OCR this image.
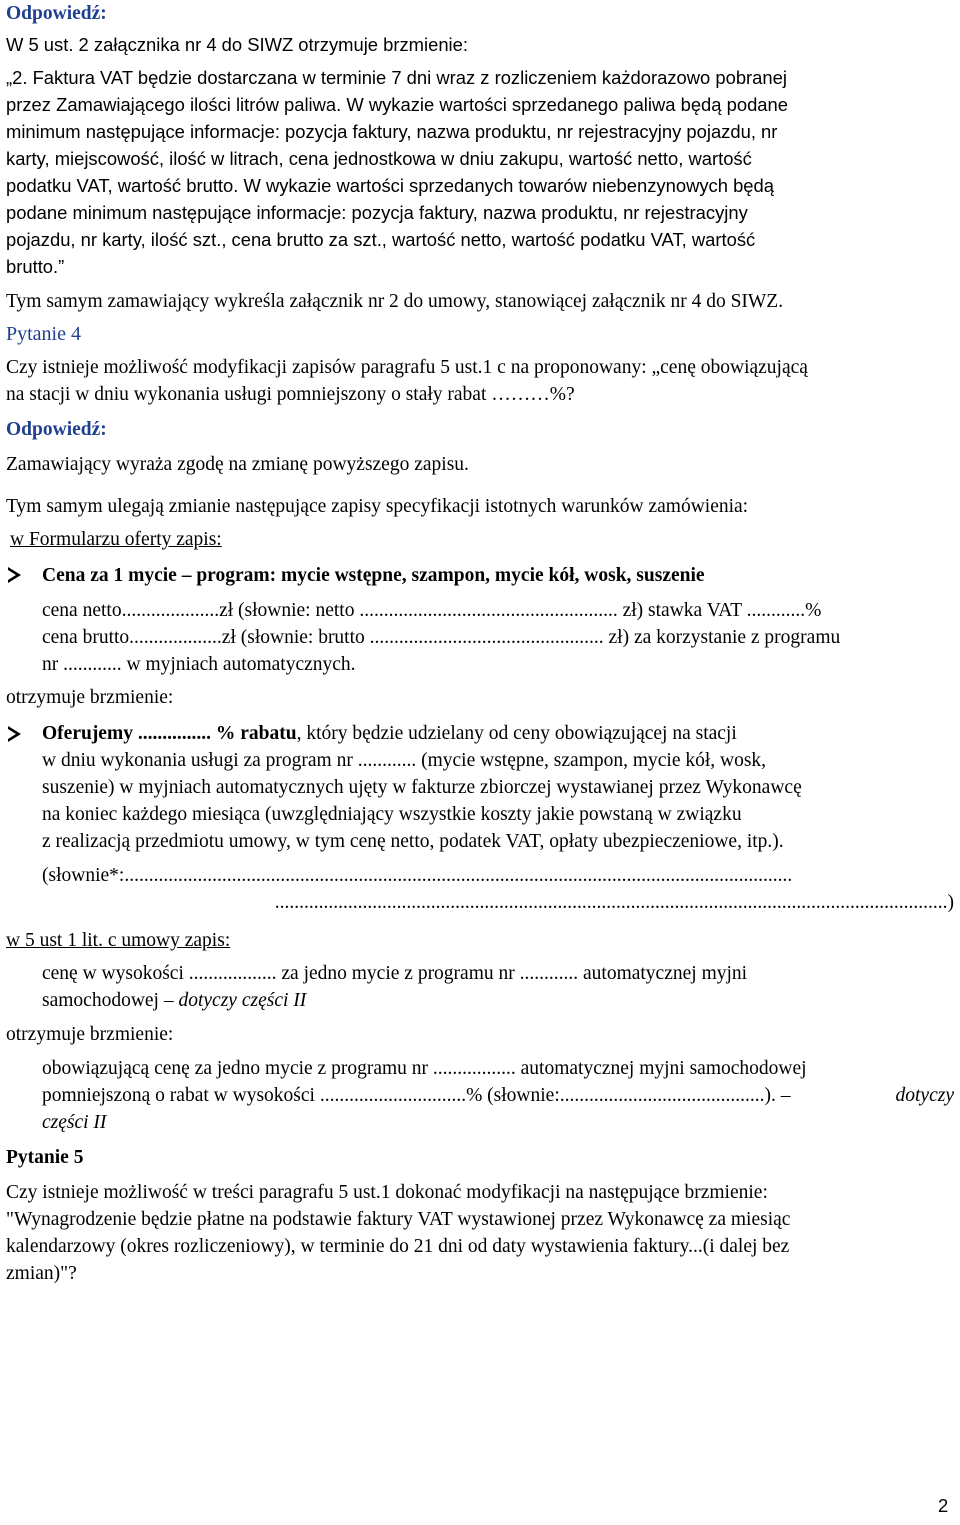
Odpowiedź:
W 5 ust. 2 załącznika nr 4 do SIWZ otrzymuje brzmienie:
„2. Faktura VAT będzie dostarczana w terminie 7 dni wraz z rozliczeniem każdorazowo pobranej
przez Zamawiającego ilości litrów paliwa. W wykazie wartości sprzedanego paliwa będą podane
minimum następujące informacje: pozycja faktury, nazwa produktu, nr rejestracyjny pojazdu, nr
karty, miejscowość, ilość w litrach, cena jednostkowa w dniu zakupu, wartość netto, wartość
podatku VAT, wartość brutto. W wykazie wartości sprzedanych towarów niebenzynowych będą
podane minimum następujące informacje: pozycja faktury, nazwa produktu, nr rejestracyjny
pojazdu, nr karty, ilość szt., cena brutto za szt., wartość netto, wartość podatku VAT, wartość
brutto.”
Tym samym zamawiający wykreśla załącznik nr 2 do umowy, stanowiącej załącznik nr 4 do SIWZ.
Pytanie 4
Czy istnieje możliwość modyfikacji zapisów paragrafu 5 ust.1 c na proponowany: „cenę obowiązującą
na stacji w dniu wykonania usługi pomniejszony o stały rabat ………%?
Odpowiedź:
Zamawiający wyraża zgodę na zmianę powyższego zapisu.
Tym samym ulegają zmianie następujące zapisy specyfikacji istotnych warunków zamówienia:
w Formularzu oferty zapis:
Cena za 1 mycie – program: mycie wstępne, szampon, mycie kół, wosk, suszenie
cena netto....................zł (słownie: netto ..................................................... zł) stawka VAT ............%
cena brutto...................zł (słownie: brutto ................................................ zł) za korzystanie z programu
nr ............ w myjniach automatycznych.
otrzymuje brzmienie:
Oferujemy ............... % rabatu, który będzie udzielany od ceny obowiązującej na stacji
w dniu wykonania usługi za program nr ............ (mycie wstępne, szampon, mycie kół, wosk,
suszenie) w myjniach automatycznych ujęty w fakturze zbiorczej wystawianej przez Wykonawcę
na koniec każdego miesiąca (uwzględniający wszystkie koszty jakie powstaną w związku
z realizacją przedmiotu umowy, w tym cenę netto, podatek VAT, opłaty ubezpieczeniowe, itp.).
(słownie*:.........................................................................................................................................
..........................................................................................................................................)
w 5 ust 1 lit. c umowy zapis:
cenę w wysokości .................. za jedno mycie z programu nr ............ automatycznej myjni
samochodowej – dotyczy części II
otrzymuje brzmienie:
obowiązującą cenę za jedno mycie z programu nr ................. automatycznej myjni samochodowej
pomniejszoną o rabat w wysokości ..............................% (słownie:..........................................). –	dotyczy
części II
Pytanie 5
Czy istnieje możliwość w treści paragrafu 5 ust.1 dokonać modyfikacji na następujące brzmienie:
"Wynagrodzenie będzie płatne na podstawie faktury VAT wystawionej przez Wykonawcę za miesiąc
kalendarzowy (okres rozliczeniowy), w terminie do 21 dni od daty wystawienia faktury...(i dalej bez
zmian)"?
2
